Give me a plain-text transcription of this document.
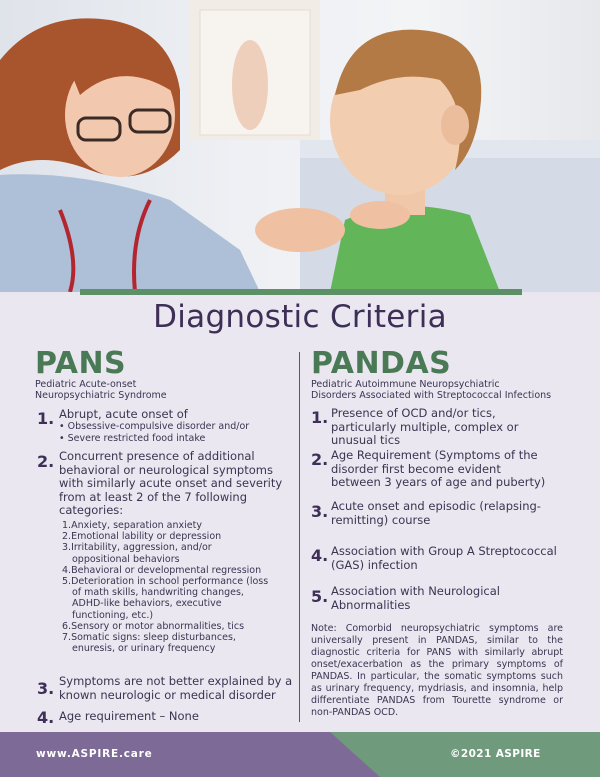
Diagnostic Criteria
PANS
Pediatric Acute-onset
Neuropsychiatric Syndrome
1. Abrupt, acute onset of
• Obsessive-compulsive disorder and/or
• Severe restricted food intake
2. Concurrent presence of additional
behavioral or neurological symptoms
with similarly acute onset and severity
from at least 2 of the 7 following
categories:
1.Anxiety, separation anxiety
2.Emotional lability or depression
3.Irritability, aggression, and/or
oppositional behaviors
4.Behavioral or developmental regression
5.Deterioration in school performance (loss
of math skills, handwriting changes,
ADHD-like behaviors, executive
functioning, etc.)
6.Sensory or motor abnormalities, tics
7.Somatic signs: sleep disturbances,
enuresis, or urinary frequency
3. Symptoms are not better explained by a
known neurologic or medical disorder
4. Age requirement – None
PANDAS
Pediatric Autoimmune Neuropsychiatric
Disorders Associated with Streptococcal Infections
1. Presence of OCD and/or tics,
particularly multiple, complex or
unusual tics
2. Age Requirement (Symptoms of the
disorder first become evident
between 3 years of age and puberty)
3. Acute onset and episodic (relapsing-
remitting) course
4. Association with Group A Streptococcal
(GAS) infection
5. Association with Neurological
Abnormalities
Note: Comorbid neuropsychiatric symptoms are universally present in PANDAS, similar to the diagnostic criteria for PANS with similarly abrupt onset/exacerbation as the primary symptoms of PANDAS. In particular, the somatic symptoms such as urinary frequency, mydriasis, and insomnia, help differentiate PANDAS from Tourette syndrome or non-PANDAS OCD.
www.ASPIRE.care	©2021 ASPIRE
